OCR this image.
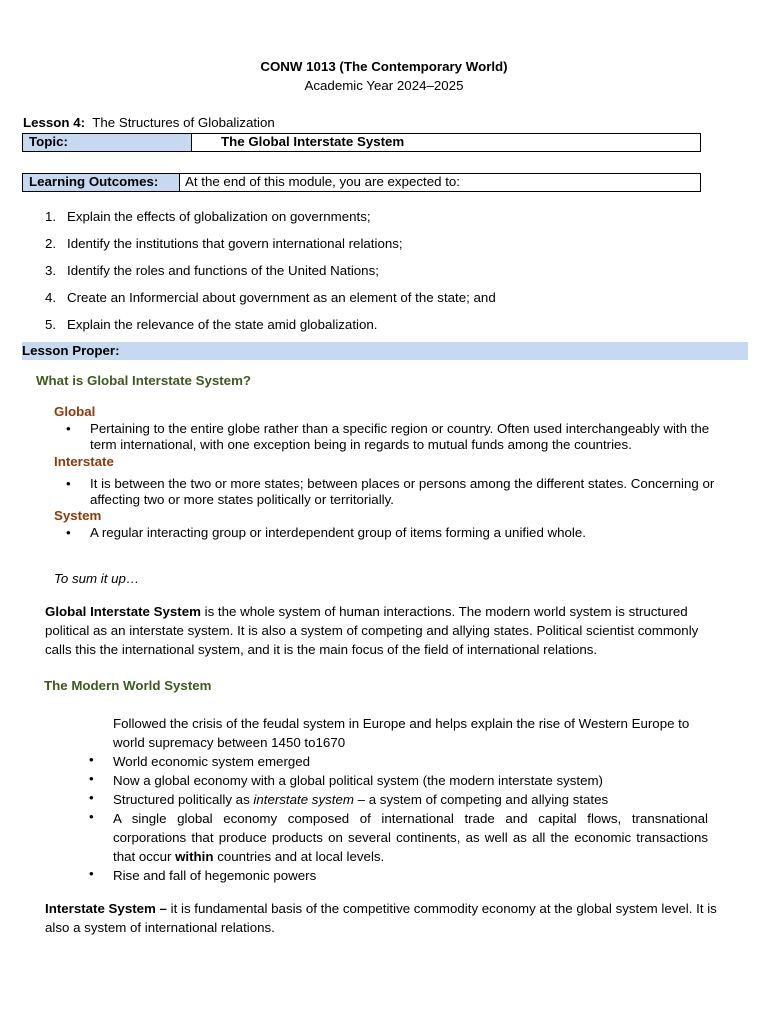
CONW 1013 (The Contemporary World)
Academic Year 2024–2025
Lesson 4: The Structures of Globalization
Topic:	The Global Interstate System
Learning Outcomes:	At the end of this module, you are expected to:
1. Explain the effects of globalization on governments;
2. Identify the institutions that govern international relations;
3. Identify the roles and functions of the United Nations;
4. Create an Informercial about government as an element of the state; and
5. Explain the relevance of the state amid globalization.
Lesson Proper:
What is Global Interstate System?
Global
• Pertaining to the entire globe rather than a specific region or country. Often used interchangeably with the term international, with one exception being in regards to mutual funds among the countries.
Interstate
• It is between the two or more states; between places or persons among the different states. Concerning or affecting two or more states politically or territorially.
System
• A regular interacting group or interdependent group of items forming a unified whole.
To sum it up…
Global Interstate System is the whole system of human interactions. The modern world system is structured political as an interstate system. It is also a system of competing and allying states. Political scientist commonly calls this the international system, and it is the main focus of the field of international relations.
The Modern World System
Followed the crisis of the feudal system in Europe and helps explain the rise of Western Europe to world supremacy between 1450 to1670
• World economic system emerged
• Now a global economy with a global political system (the modern interstate system)
• Structured politically as interstate system – a system of competing and allying states
• A single global economy composed of international trade and capital flows, transnational corporations that produce products on several continents, as well as all the economic transactions that occur within countries and at local levels.
• Rise and fall of hegemonic powers
Interstate System – it is fundamental basis of the competitive commodity economy at the global system level. It is also a system of international relations.
